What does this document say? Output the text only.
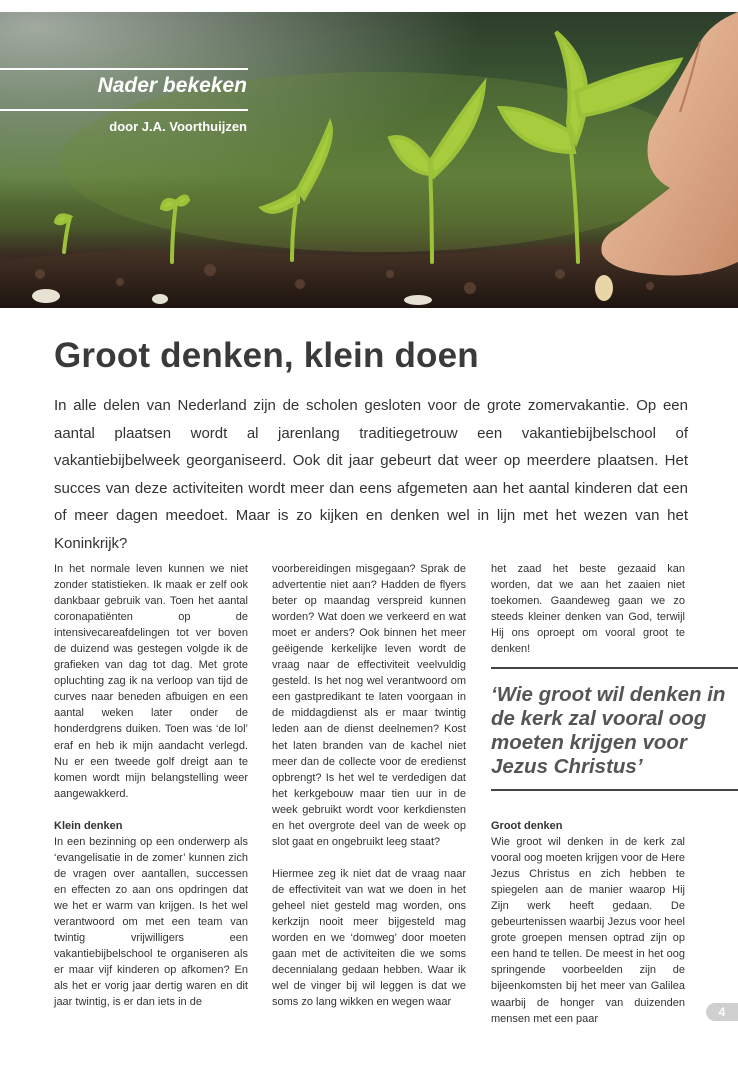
Nader bekeken
door J.A. Voorthuijzen
Groot denken, klein doen

In alle delen van Nederland zijn de scholen gesloten voor de grote zomervakantie. Op een aantal plaatsen wordt al jarenlang traditiegetrouw een vakantiebijbelschool of vakantiebijbelweek georganiseerd. Ook dit jaar gebeurt dat weer op meerdere plaatsen. Het succes van deze activiteiten wordt meer dan eens afgemeten aan het aantal kinderen dat een of meer dagen meedoet. Maar is zo kijken en denken wel in lijn met het wezen van het Koninkrijk?

In het normale leven kunnen we niet zonder statistieken. Ik maak er zelf ook dankbaar gebruik van. Toen het aantal coronapatiënten op de intensivecareafdelingen tot ver boven de duizend was gestegen volgde ik de grafieken van dag tot dag. Met grote opluchting zag ik na verloop van tijd de curves naar beneden afbuigen en een aantal weken later onder de honderdgrens duiken. Toen was ‘de lol’ eraf en heb ik mijn aandacht verlegd. Nu er een tweede golf dreigt aan te komen wordt mijn belangstelling weer aangewakkerd.

Klein denken

In een bezinning op een onderwerp als ‘evangelisatie in de zomer’ kunnen zich de vragen over aantallen, successen en effecten zo aan ons opdringen dat we het er warm van krijgen. Is het wel verantwoord om met een team van twintig vrijwilligers een vakantiebijbelschool te organiseren als er maar vijf kinderen op afkomen? En als het er vorig jaar dertig waren en dit jaar twintig, is er dan iets in de

voorbereidingen misgegaan? Sprak de advertentie niet aan? Hadden de flyers beter op maandag verspreid kunnen worden? Wat doen we verkeerd en wat moet er anders? Ook binnen het meer geëigende kerkelijke leven wordt de vraag naar de effectiviteit veelvuldig gesteld. Is het nog wel verantwoord om een gastpredikant te laten voorgaan in de middagdienst als er maar twintig leden aan de dienst deelnemen? Kost het laten branden van de kachel niet meer dan de collecte voor de eredienst opbrengt? Is het wel te verdedigen dat het kerkgebouw maar tien uur in de week gebruikt wordt voor kerkdiensten en het overgrote deel van de week op slot gaat en ongebruikt leeg staat?

Hiermee zeg ik niet dat de vraag naar de effectiviteit van wat we doen in het geheel niet gesteld mag worden, ons kerkzijn nooit meer bijgesteld mag worden en we ‘domweg’ door moeten gaan met de activiteiten die we soms decennialang gedaan hebben. Waar ik wel de vinger bij wil leggen is dat we soms zo lang wikken en wegen waar

het zaad het beste gezaaid kan worden, dat we aan het zaaien niet toekomen. Gaandeweg gaan we zo steeds kleiner denken van God, terwijl Hij ons oproept om vooral groot te denken!

‘Wie groot wil denken in de kerk zal vooral oog moeten krijgen voor Jezus Christus’
Groot denken

Wie groot wil denken in de kerk zal vooral oog moeten krijgen voor de Here Jezus Christus en zich hebben te spiegelen aan de manier waarop Hij Zijn werk heeft gedaan. De gebeurtenissen waarbij Jezus voor heel grote groepen mensen optrad zijn op een hand te tellen. De meest in het oog springende voorbeelden zijn de bijeenkomsten bij het meer van Galilea waarbij de honger van duizenden mensen met een paar	4
